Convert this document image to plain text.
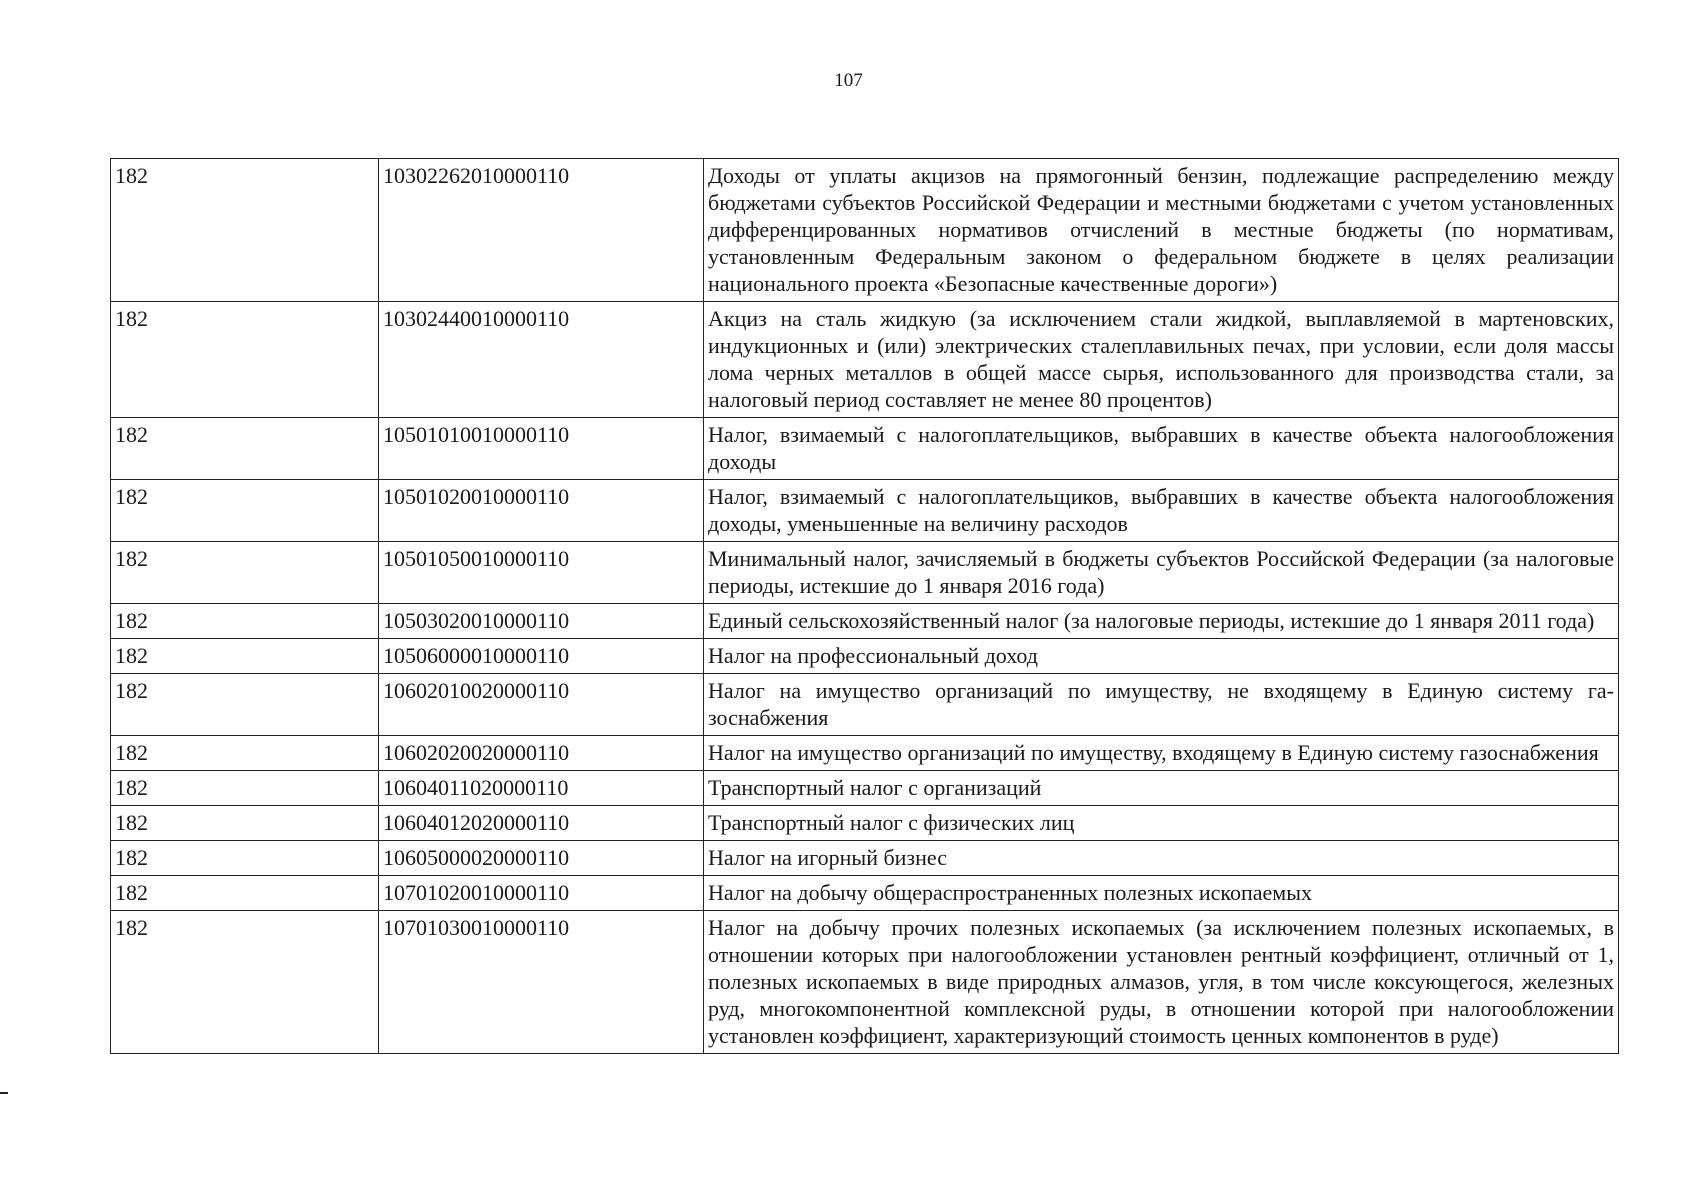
107
182	10302262010000110	Доходы от уплаты акцизов на прямогонный бензин, подлежащие распределению между бюджетами субъектов Российской Федерации и местными бюджетами с учетом установленных дифференцированных нормативов отчислений в местные бюджеты (по нормативам, установленным Федеральным законом о федеральном бюджете в целях реализации национального проекта «Безопасные качественные дороги»)
182	10302440010000110	Акциз на сталь жидкую (за исключением стали жидкой, выплавляемой в мартеновских, индукционных и (или) электрических сталеплавильных печах, при условии, если доля массы лома черных металлов в общей массе сырья, использованного для производства стали, за налоговый период составляет не менее 80 процентов)
182	10501010010000110	Налог, взимаемый с налогоплательщиков, выбравших в качестве объекта налогообложения доходы
182	10501020010000110	Налог, взимаемый с налогоплательщиков, выбравших в качестве объекта налогообложения доходы, уменьшенные на величину расходов
182	10501050010000110	Минимальный налог, зачисляемый в бюджеты субъектов Российской Федерации (за налоговые периоды, истекшие до 1 января 2016 года)
182	10503020010000110	Единый сельскохозяйственный налог (за налоговые периоды, истекшие до 1 января 2011 года)
182	10506000010000110	Налог на профессиональный доход
182	10602010020000110	Налог на имущество организаций по имуществу, не входящему в Единую систему газоснабжения
182	10602020020000110	Налог на имущество организаций по имуществу, входящему в Единую систему газоснабжения
182	10604011020000110	Транспортный налог с организаций
182	10604012020000110	Транспортный налог с физических лиц
182	10605000020000110	Налог на игорный бизнес
182	10701020010000110	Налог на добычу общераспространенных полезных ископаемых
182	10701030010000110	Налог на добычу прочих полезных ископаемых (за исключением полезных ископаемых, в отношении которых при налогообложении установлен рентный коэффициент, отличный от 1, полезных ископаемых в виде природных алмазов, угля, в том числе коксующегося, железных руд, многокомпонентной комплексной руды, в отношении которой при налогообложении установлен коэффициент, характеризующий стоимость ценных компонентов в руде)
